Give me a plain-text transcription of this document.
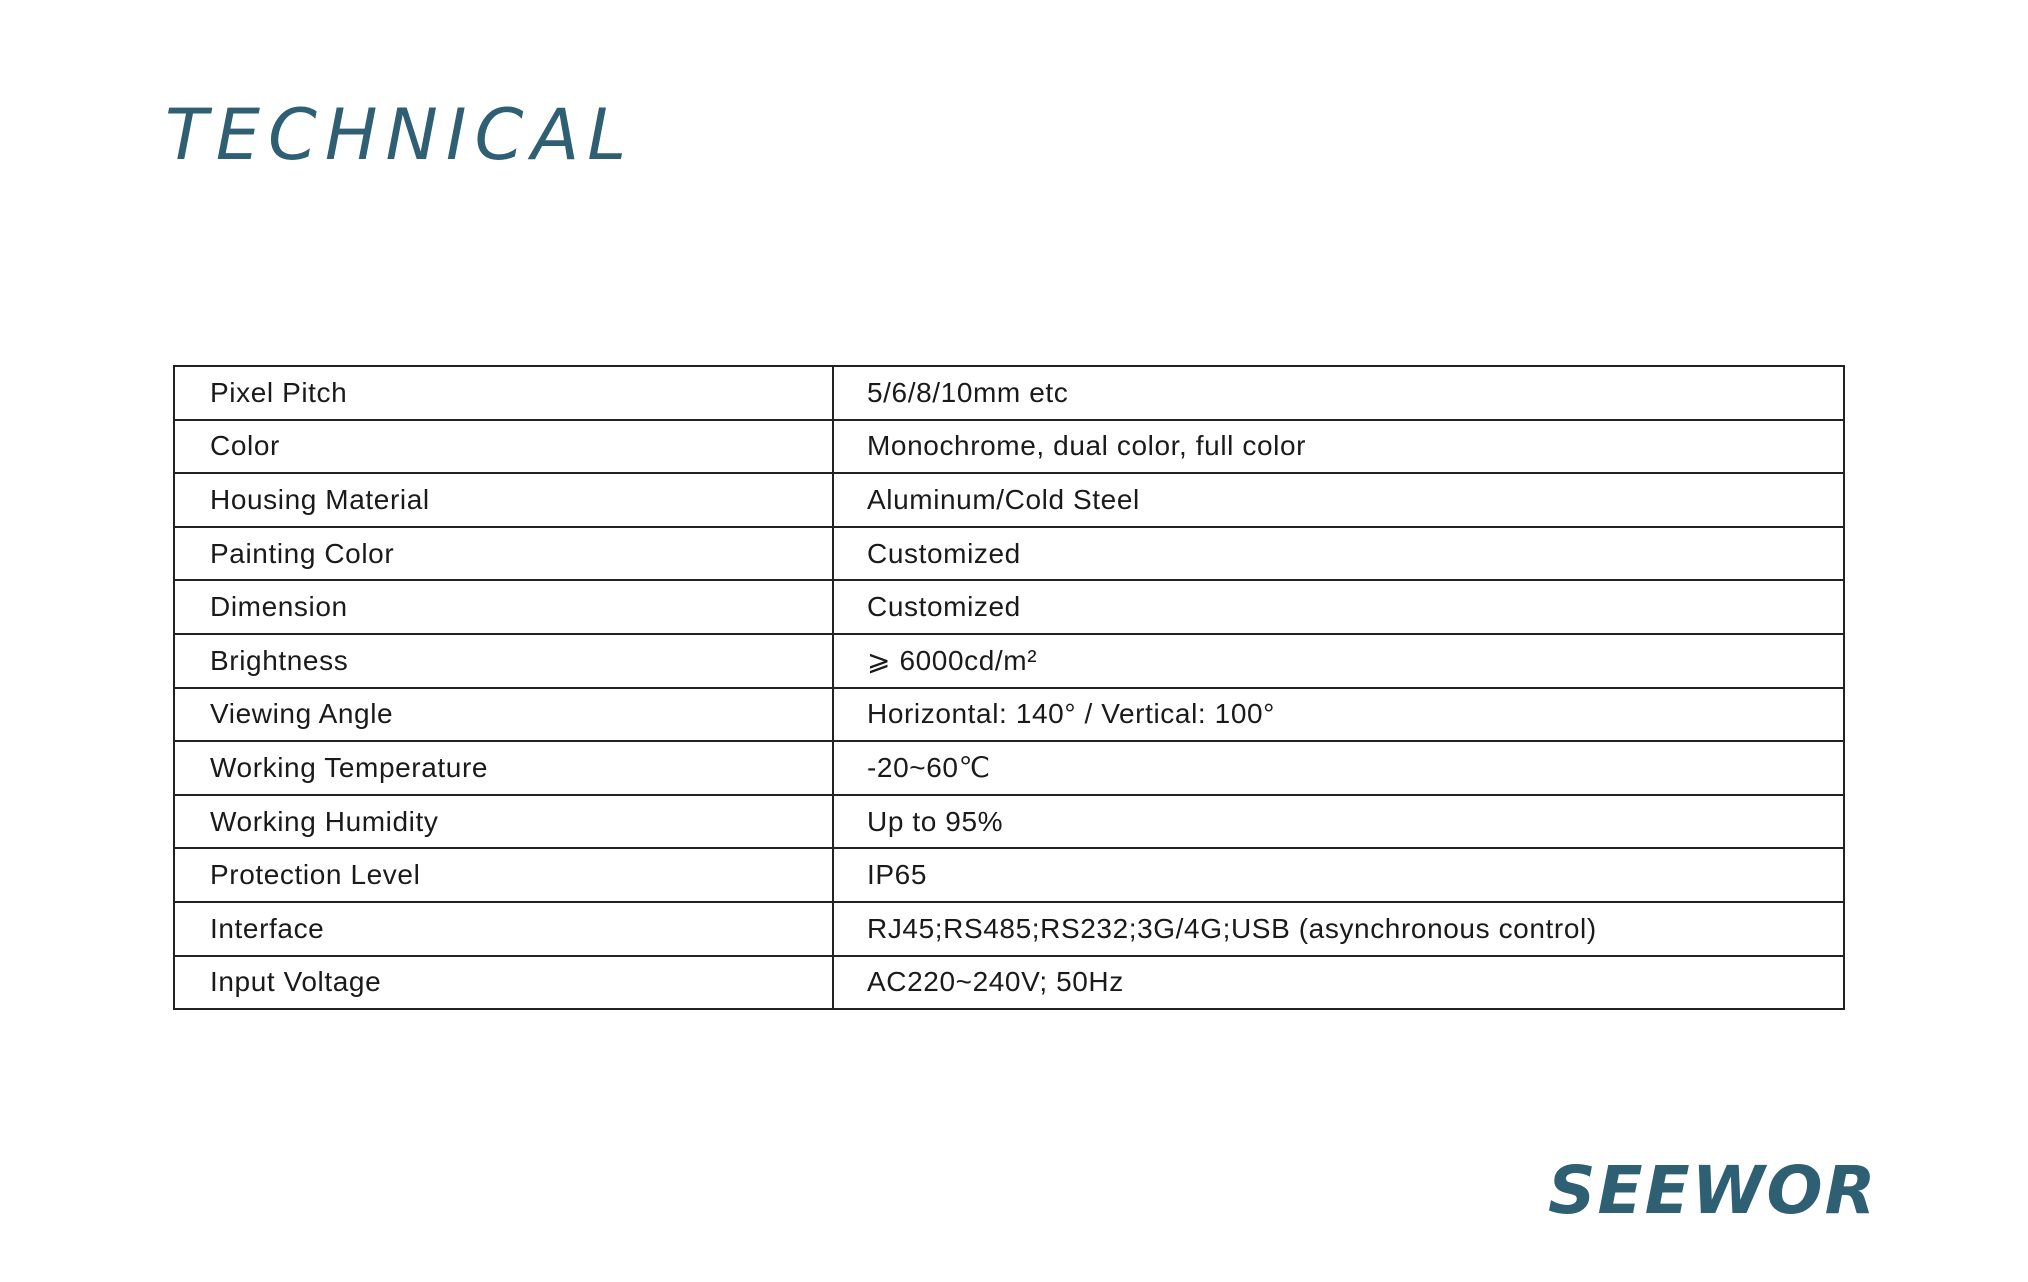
TECHNICAL
Pixel Pitch	5/6/8/10mm etc
Color	Monochrome, dual color, full color
Housing Material	Aluminum/Cold Steel
Painting Color	Customized
Dimension	Customized
Brightness	⩾ 6000cd/m²
Viewing Angle	Horizontal: 140° / Vertical: 100°
Working Temperature	-20~60℃
Working Humidity	Up to 95%
Protection Level	IP65
Interface	RJ45;RS485;RS232;3G/4G;USB (asynchronous control)
Input Voltage	AC220~240V; 50Hz
SEEWOR
